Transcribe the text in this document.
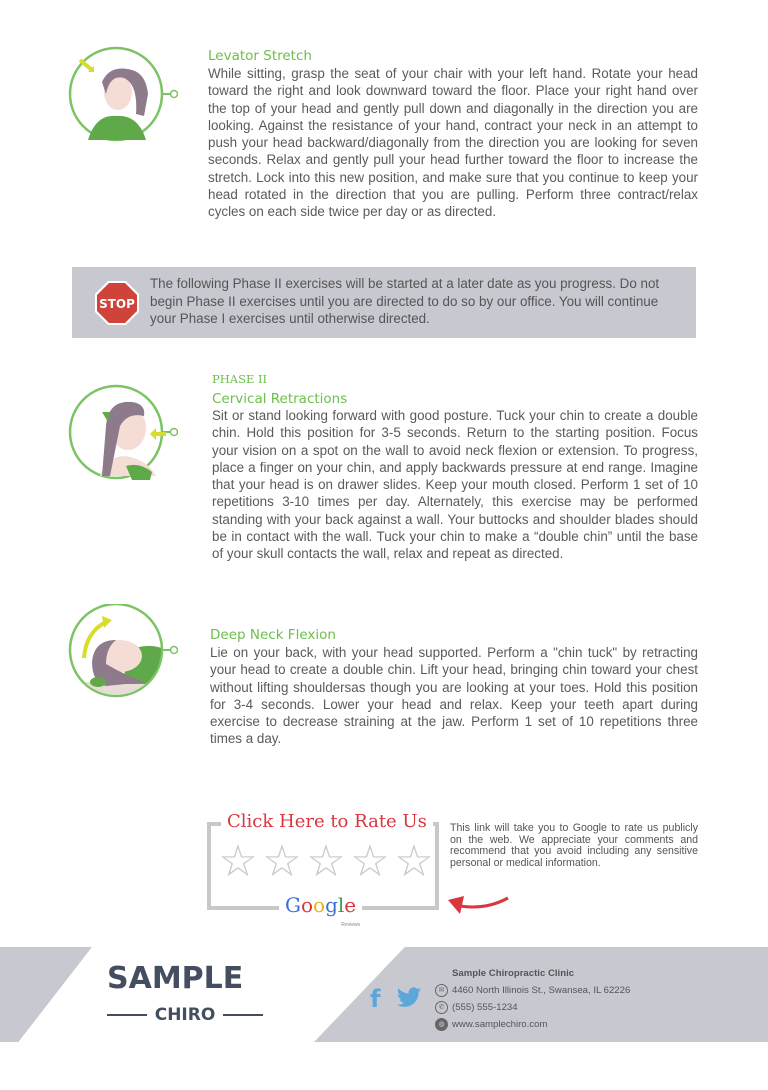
Levator Stretch
While sitting, grasp the seat of your chair with your left hand. Rotate your head toward the right and look downward toward the floor. Place your right hand over the top of your head and gently pull down and diagonally in the direction you are looking. Against the resistance of your hand, contract your neck in an attempt to push your head backward/diagonally from the direction you are looking for seven seconds. Relax and gently pull your head further toward the floor to increase the stretch. Lock into this new position, and make sure that you continue to keep your head rotated in the direction that you are pulling. Perform three contract/relax cycles on each side twice per day or as directed.
STOP
The following Phase II exercises will be started at a later date as you progress. Do not begin Phase II exercises until you are directed to do so by our office. You will continue your Phase I exercises until otherwise directed.
PHASE II
Cervical Retractions
Sit or stand looking forward with good posture. Tuck your chin to create a double chin. Hold this position for 3-5 seconds. Return to the starting position. Focus your vision on a spot on the wall to avoid neck flexion or extension. To progress, place a finger on your chin, and apply backwards pressure at end range. Imagine that your head is on drawer slides. Keep your mouth closed. Perform 1 set of 10 repetitions 3-10 times per day. Alternately, this exercise may be performed standing with your back against a wall. Your buttocks and shoulder blades should be in contact with the wall. Tuck your chin to make a “double chin” until the base of your skull contacts the wall, relax and repeat as directed.
Deep Neck Flexion
Lie on your back, with your head supported. Perform a "chin tuck" by retracting your head to create a double chin. Lift your head, bringing chin toward your chest without lifting shouldersas though you are looking at your toes. Hold this position for 3-4 seconds. Lower your head and relax. Keep your teeth apart during exercise to decrease straining at the jaw. Perform 1 set of 10 repetitions three times a day.
Click Here to Rate Us
☆ ☆ ☆ ☆ ☆
Google
Reviews
This link will take you to Google to rate us publicly on the web. We appreciate your comments and recommend that you avoid including any sensitive personal or medical information.
SAMPLE
CHIRO
f
Sample Chiropractic Clinic
✉ 4460 North Illinois St., Swansea, IL 62226
✆ (555) 555-1234
◍ www.samplechiro.com
